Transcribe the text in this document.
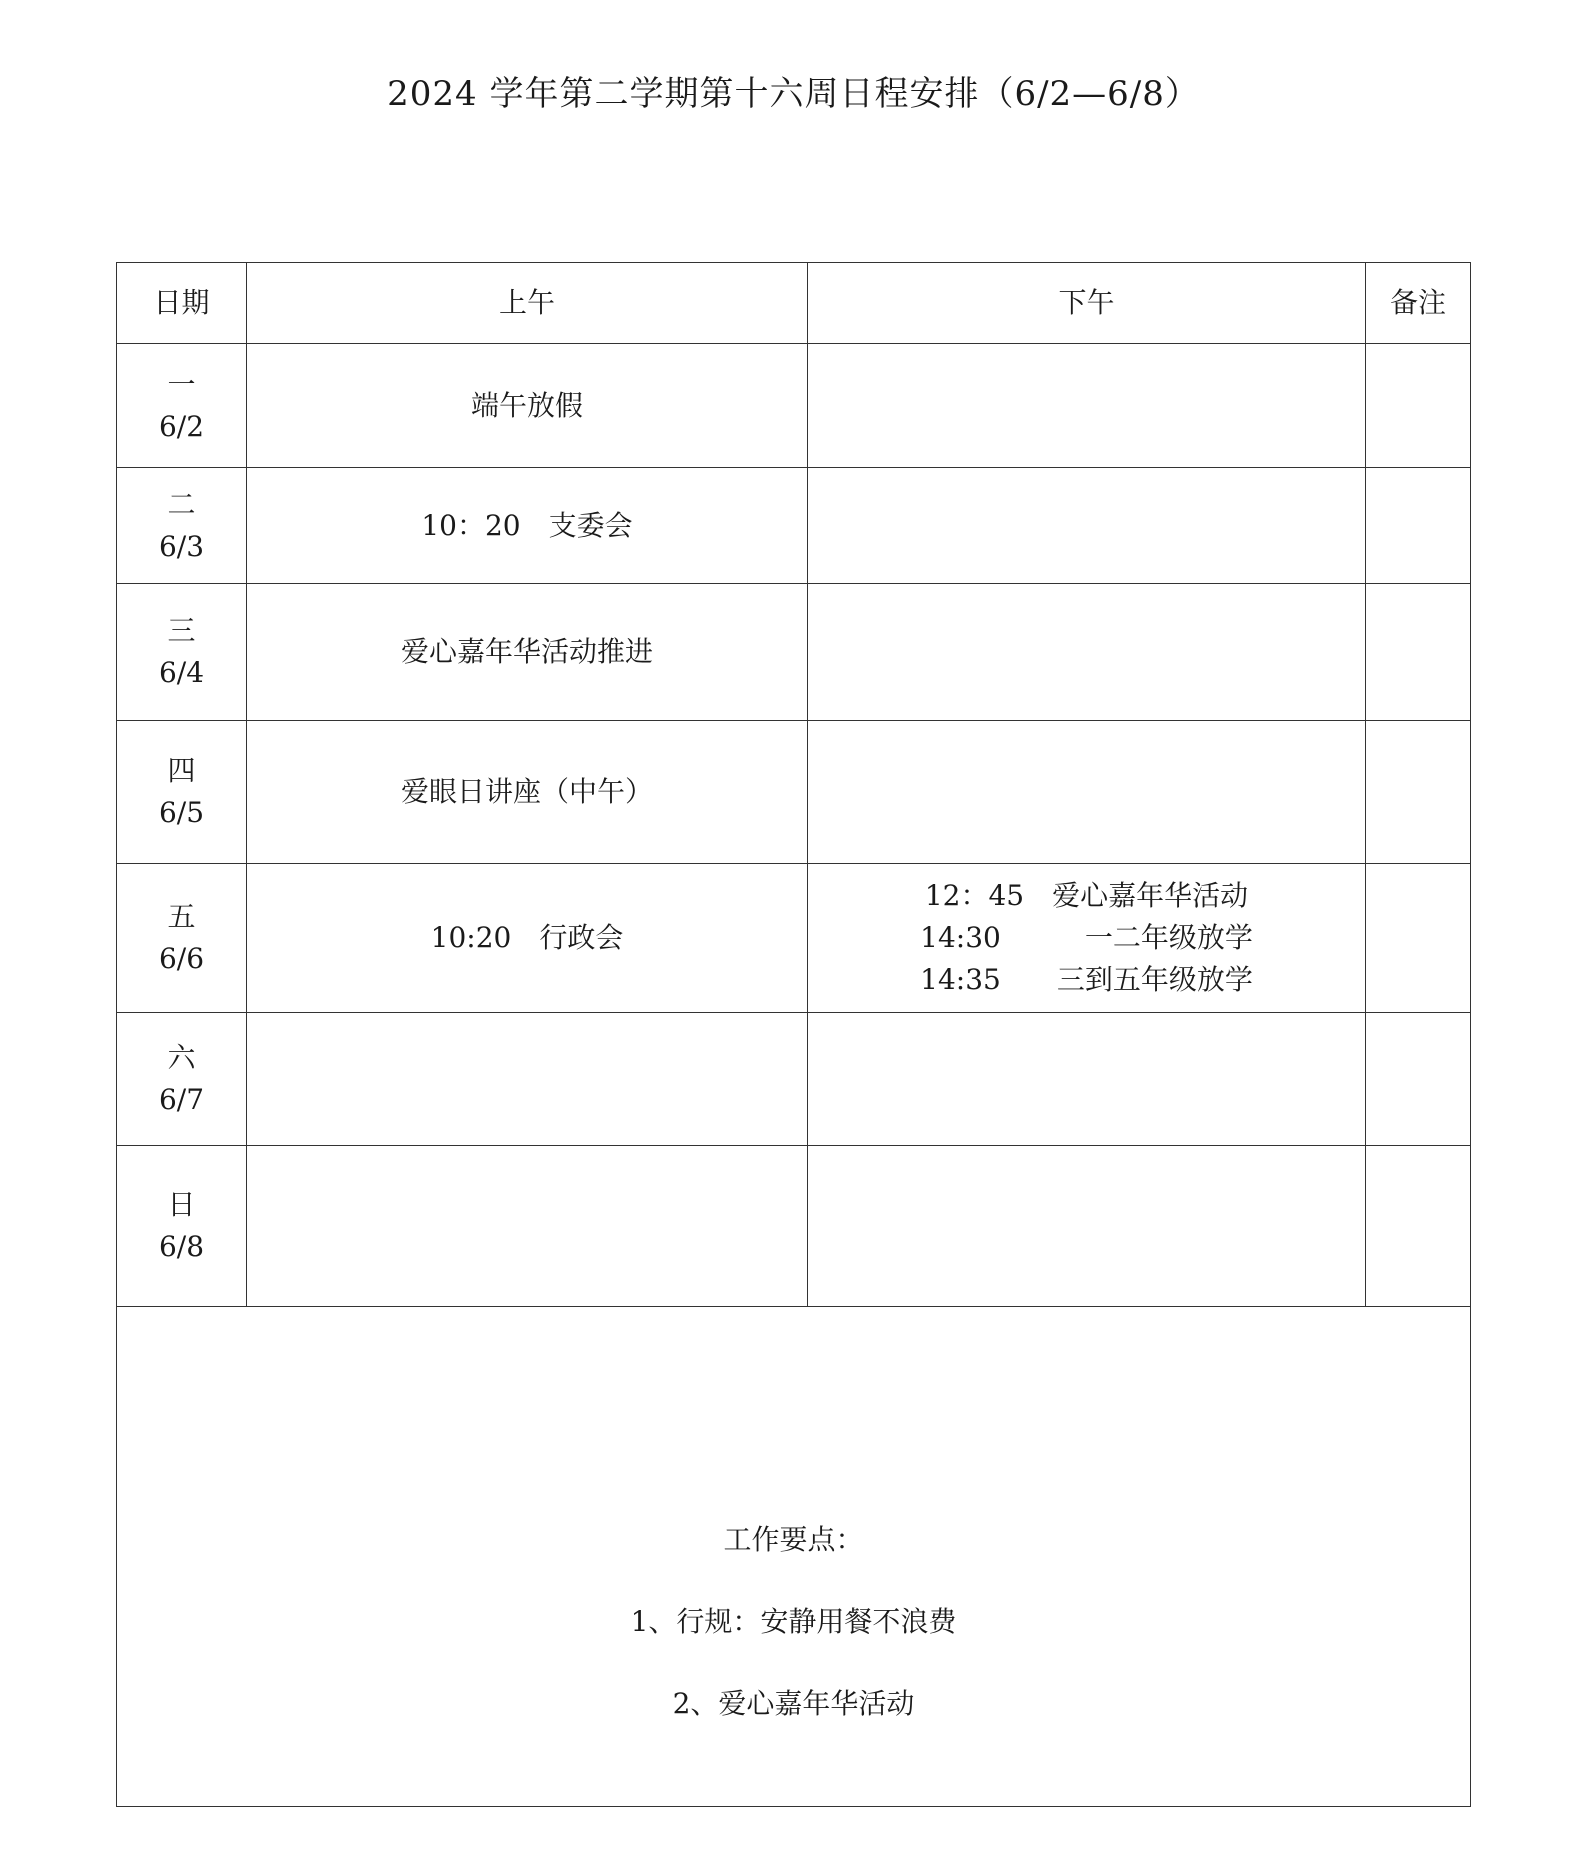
2024 学年第二学期第十六周日程安排（6/2—6/8）
日期	上午	下午	备注

一
6/2	端午放假		

二
6/3	10：20　支委会		

三
6/4	爱心嘉年华活动推进		

四
6/5	爱眼日讲座（中午）		

五
6/6	10:20　行政会	12：45　爱心嘉年华活动
14:30　　　一二年级放学
14:35　　三到五年级放学	

六
6/7			

日
6/8			

工作要点：

1、行规：安静用餐不浪费

2、爱心嘉年华活动			
